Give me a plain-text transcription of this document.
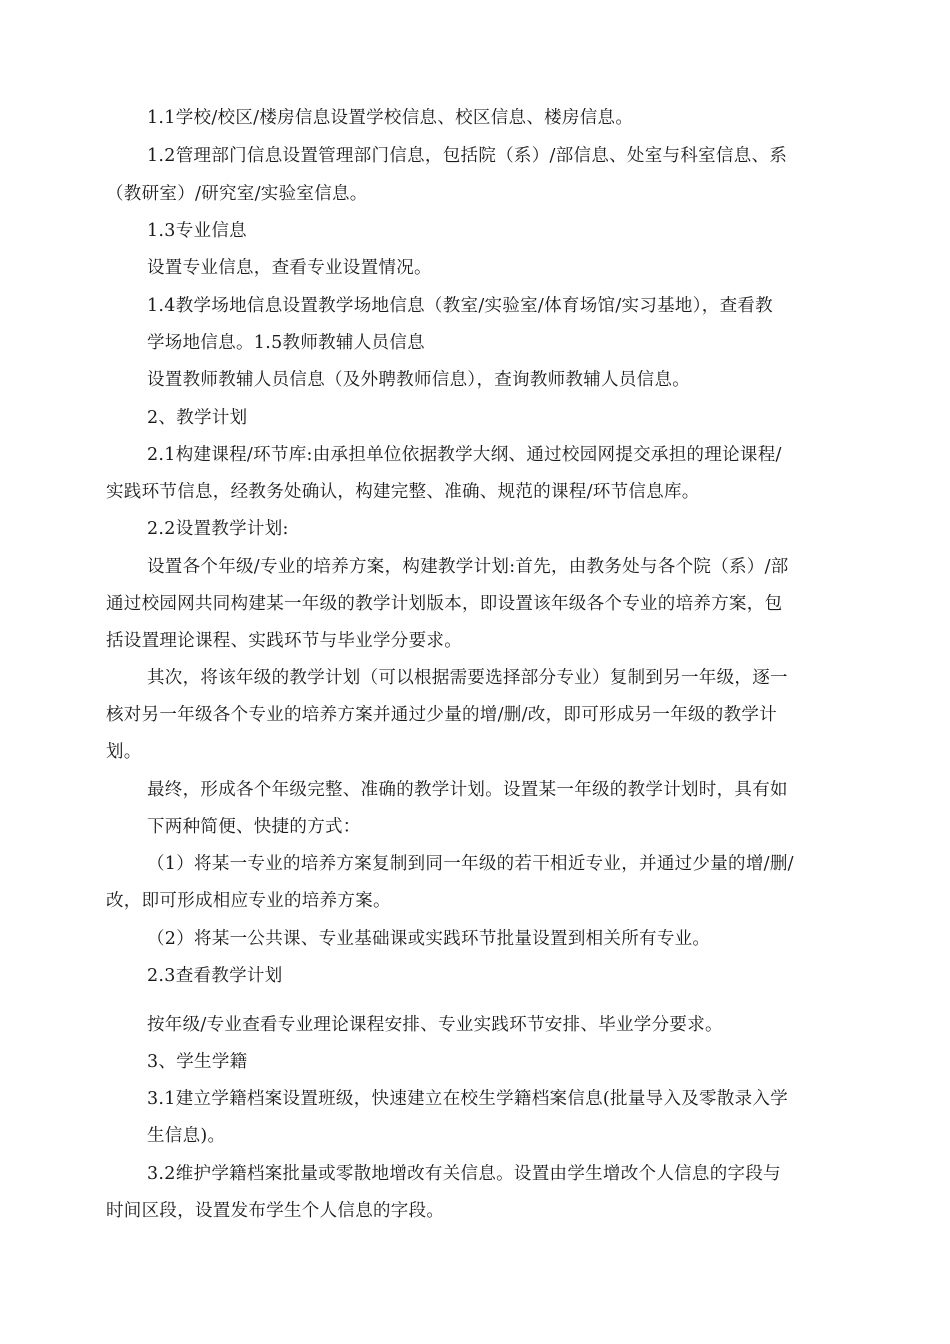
1.1学校/校区/楼房信息设置学校信息、校区信息、楼房信息。

1.2管理部门信息设置管理部门信息，包括院（系）/部信息、处室与科室信息、系

（教研室）/研究室/实验室信息。

1.3专业信息

设置专业信息，查看专业设置情况。

1.4教学场地信息设置教学场地信息（教室/实验室/体育场馆/实习基地），查看教

学场地信息。1.5教师教辅人员信息

设置教师教辅人员信息（及外聘教师信息），查询教师教辅人员信息。

2、教学计划

2.1构建课程/环节库:由承担单位依据教学大纲、通过校园网提交承担的理论课程/

实践环节信息，经教务处确认，构建完整、准确、规范的课程/环节信息库。

2.2设置教学计划:

设置各个年级/专业的培养方案，构建教学计划:首先，由教务处与各个院（系）/部

通过校园网共同构建某一年级的教学计划版本，即设置该年级各个专业的培养方案，包

括设置理论课程、实践环节与毕业学分要求。

其次，将该年级的教学计划（可以根据需要选择部分专业）复制到另一年级，逐一

核对另一年级各个专业的培养方案并通过少量的增/删/改，即可形成另一年级的教学计

划。

最终，形成各个年级完整、准确的教学计划。设置某一年级的教学计划时，具有如

下两种简便、快捷的方式：

（1）将某一专业的培养方案复制到同一年级的若干相近专业，并通过少量的增/删/

改，即可形成相应专业的培养方案。

（2）将某一公共课、专业基础课或实践环节批量设置到相关所有专业。

2.3查看教学计划

按年级/专业查看专业理论课程安排、专业实践环节安排、毕业学分要求。

3、学生学籍

3.1建立学籍档案设置班级，快速建立在校生学籍档案信息(批量导入及零散录入学

生信息)。

3.2维护学籍档案批量或零散地增改有关信息。设置由学生增改个人信息的字段与

时间区段，设置发布学生个人信息的字段。
